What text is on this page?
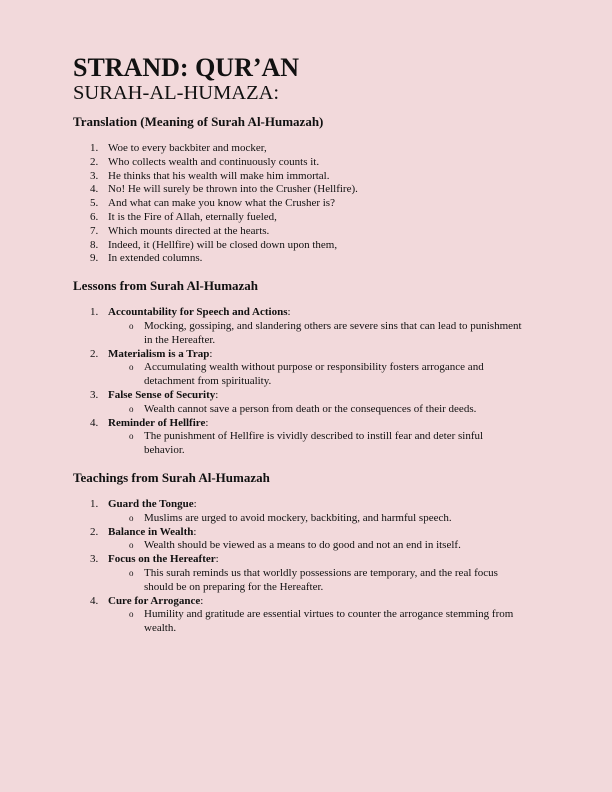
STRAND: QUR’AN
SURAH-AL-HUMAZA:
Translation (Meaning of Surah Al-Humazah)
1. Woe to every backbiter and mocker,
2. Who collects wealth and continuously counts it.
3. He thinks that his wealth will make him immortal.
4. No! He will surely be thrown into the Crusher (Hellfire).
5. And what can make you know what the Crusher is?
6. It is the Fire of Allah, eternally fueled,
7. Which mounts directed at the hearts.
8. Indeed, it (Hellfire) will be closed down upon them,
9. In extended columns.
Lessons from Surah Al-Humazah
1. Accountability for Speech and Actions:
o Mocking, gossiping, and slandering others are severe sins that can lead to punishment in the Hereafter.
2. Materialism is a Trap:
o Accumulating wealth without purpose or responsibility fosters arrogance and detachment from spirituality.
3. False Sense of Security:
o Wealth cannot save a person from death or the consequences of their deeds.
4. Reminder of Hellfire:
o The punishment of Hellfire is vividly described to instill fear and deter sinful behavior.
Teachings from Surah Al-Humazah
1. Guard the Tongue:
o Muslims are urged to avoid mockery, backbiting, and harmful speech.
2. Balance in Wealth:
o Wealth should be viewed as a means to do good and not an end in itself.
3. Focus on the Hereafter:
o This surah reminds us that worldly possessions are temporary, and the real focus should be on preparing for the Hereafter.
4. Cure for Arrogance:
o Humility and gratitude are essential virtues to counter the arrogance stemming from wealth.
